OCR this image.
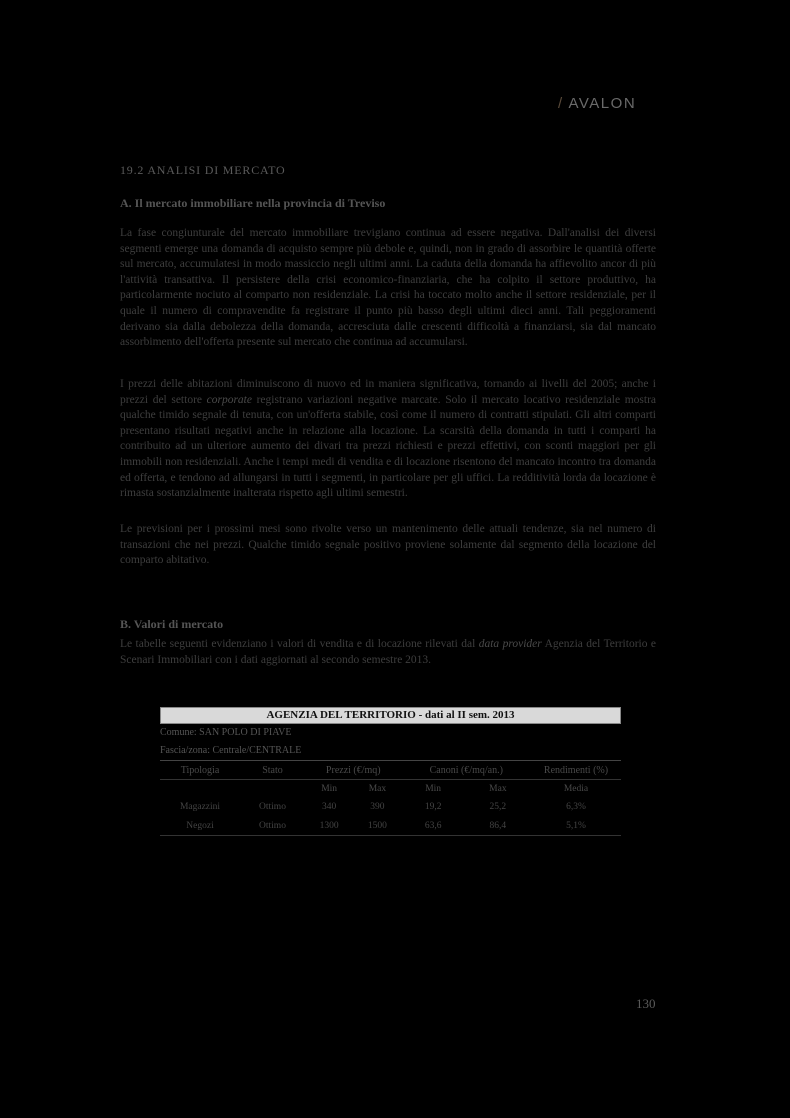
/ AVALON
19.2 ANALISI DI MERCATO
A. Il mercato immobiliare nella provincia di Treviso

La fase congiunturale del mercato immobiliare trevigiano continua ad essere negativa. Dall'analisi dei diversi segmenti emerge una domanda di acquisto sempre più debole e, quindi, non in grado di assorbire le quantità offerte sul mercato, accumulatesi in modo massiccio negli ultimi anni. La caduta della domanda ha affievolito ancor di più l'attività transattiva. Il persistere della crisi economico-finanziaria, che ha colpito il settore produttivo, ha particolarmente nociuto al comparto non residenziale. La crisi ha toccato molto anche il settore residenziale, per il quale il numero di compravendite fa registrare il punto più basso degli ultimi dieci anni. Tali peggioramenti derivano sia dalla debolezza della domanda, accresciuta dalle crescenti difficoltà a finanziarsi, sia dal mancato assorbimento dell'offerta presente sul mercato che continua ad accumularsi.

I prezzi delle abitazioni diminuiscono di nuovo ed in maniera significativa, tornando ai livelli del 2005; anche i prezzi del settore corporate registrano variazioni negative marcate. Solo il mercato locativo residenziale mostra qualche timido segnale di tenuta, con un'offerta stabile, così come il numero di contratti stipulati. Gli altri comparti presentano risultati negativi anche in relazione alla locazione. La scarsità della domanda in tutti i comparti ha contribuito ad un ulteriore aumento dei divari tra prezzi richiesti e prezzi effettivi, con sconti maggiori per gli immobili non residenziali. Anche i tempi medi di vendita e di locazione risentono del mancato incontro tra domanda ed offerta, e tendono ad allungarsi in tutti i segmenti, in particolare per gli uffici. La redditività lorda da locazione è rimasta sostanzialmente inalterata rispetto agli ultimi semestri.

Le previsioni per i prossimi mesi sono rivolte verso un mantenimento delle attuali tendenze, sia nel numero di transazioni che nei prezzi. Qualche timido segnale positivo proviene solamente dal segmento della locazione del comparto abitativo.

B. Valori di mercato

Le tabelle seguenti evidenziano i valori di vendita e di locazione rilevati dal data provider Agenzia del Territorio e Scenari Immobiliari con i dati aggiornati al secondo semestre 2013.

AGENZIA DEL TERRITORIO - dati al II sem. 2013
Comune: SAN POLO DI PIAVE
Fascia/zona: Centrale/CENTRALE
Tipologia	Stato	Prezzi (€/mq)		Canoni (€/mq/an.)		Rendimenti (%)
		Min	Max	Min	Max	Media
Magazzini	Ottimo	340	390	19,2	25,2	6,3%
Negozi	Ottimo	1300	1500	63,6	86,4	5,1%
130
